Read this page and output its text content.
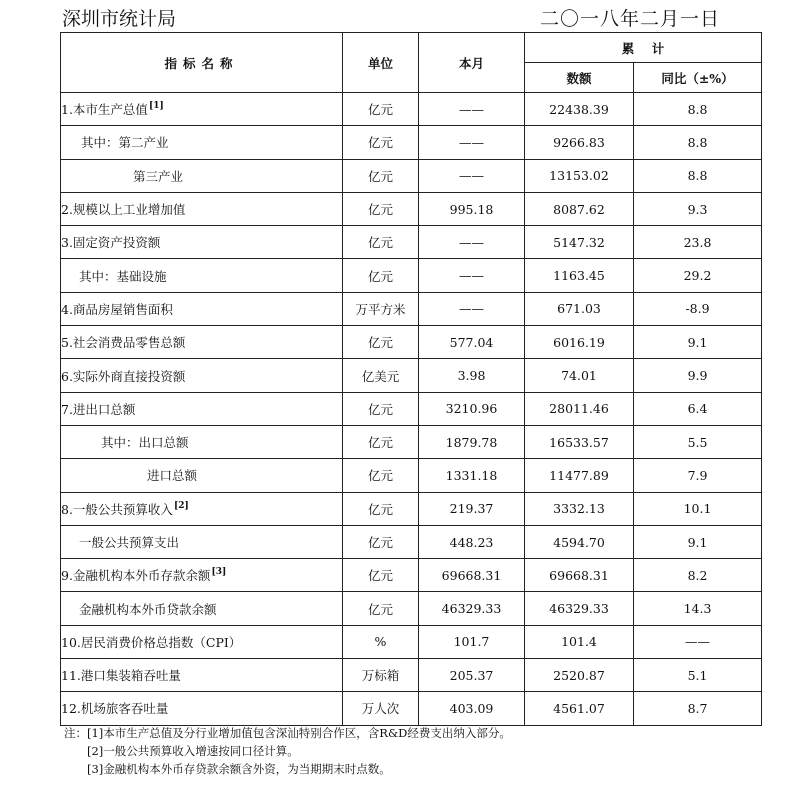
深圳市统计局	二〇一八年二月一日
指标名称	单位	本月	累    计	
			数额	同比（±%）
1.本市生产总值[1]	亿元	——	22438.39	8.8
其中：第二产业	亿元	——	9266.83	8.8
第三产业	亿元	——	13153.02	8.8
2.规模以上工业增加值	亿元	995.18	8087.62	9.3
3.固定资产投资额	亿元	——	5147.32	23.8
其中：基础设施	亿元	——	1163.45	29.2
4.商品房屋销售面积	万平方米	——	671.03	-8.9
5.社会消费品零售总额	亿元	577.04	6016.19	9.1
6.实际外商直接投资额	亿美元	3.98	74.01	9.9
7.进出口总额	亿元	3210.96	28011.46	6.4
其中：出口总额	亿元	1879.78	16533.57	5.5
进口总额	亿元	1331.18	11477.89	7.9
8.一般公共预算收入[2]	亿元	219.37	3332.13	10.1
一般公共预算支出	亿元	448.23	4594.70	9.1
9.金融机构本外币存款余额[3]	亿元	69668.31	69668.31	8.2
金融机构本外币贷款余额	亿元	46329.33	46329.33	14.3
10.居民消费价格总指数（CPI）	%	101.7	101.4	——
11.港口集装箱吞吐量	万标箱	205.37	2520.87	5.1
12.机场旅客吞吐量	万人次	403.09	4561.07	8.7
注：[1]本市生产总值及分行业增加值包含深汕特别合作区，含R&D经费支出纳入部分。
[2]一般公共预算收入增速按同口径计算。
[3]金融机构本外币存贷款余额含外资，为当期期末时点数。
